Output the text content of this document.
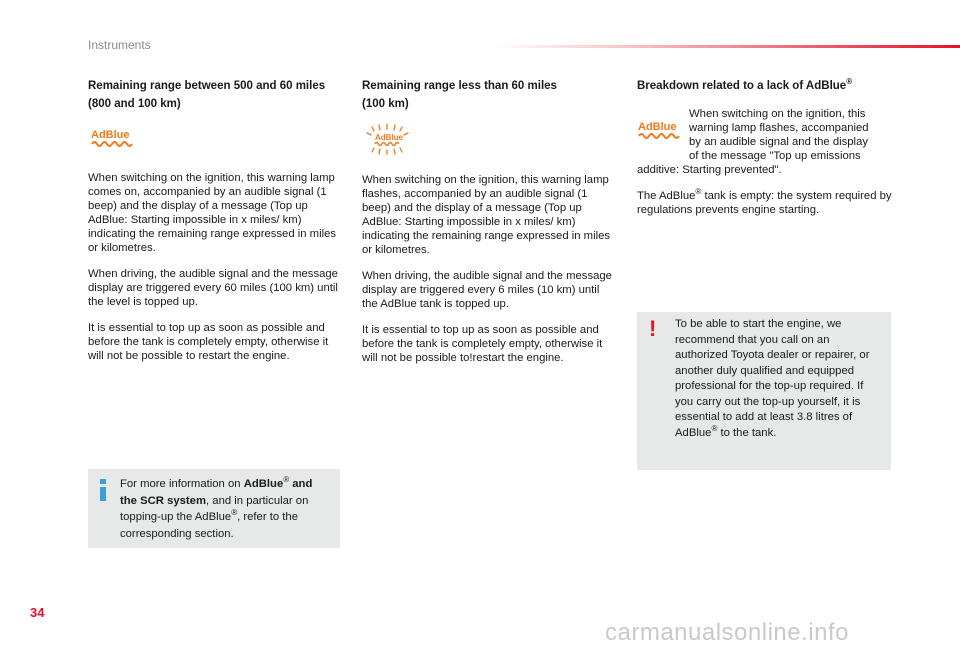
Instruments
Remaining range between 500 and 60 miles
(800 and 100 km)
AdBlue

When switching on the ignition, this warning lamp comes on, accompanied by an audible signal (1 beep) and the display of a message (Top up AdBlue: Starting impossible in x miles/ km) indicating the remaining range expressed in miles or kilometres.

When driving, the audible signal and the message display are triggered every 60 miles (100 km) until the level is topped up.

It is essential to top up as soon as possible and before the tank is completely empty, otherwise it will not be possible to restart the engine.

Remaining range less than 60 miles
(100 km)
AdBlue

When switching on the ignition, this warning lamp flashes, accompanied by an audible signal (1 beep) and the display of a message (Top up AdBlue: Starting impossible in x miles/ km) indicating the remaining range expressed in miles or kilometres.

When driving, the audible signal and the message display are triggered every 6 miles (10 km) until the AdBlue tank is topped up.

It is essential to top up as soon as possible and before the tank is completely empty, otherwise it will not be possible to!restart the engine.

Breakdown related to a lack of AdBlue®
AdBlue

When switching on the ignition, this
warning lamp flashes, accompanied
by an audible signal and the display
of the message "Top up emissions
additive: Starting prevented".

The AdBlue® tank is empty: the system required by regulations prevents engine starting.

For more information on AdBlue® and the SCR system, and in particular on topping-up the AdBlue®, refer to the corresponding section.
! To be able to start the engine, we recommend that you call on an authorized Toyota dealer or repairer, or another duly qualified and equipped professional for the top-up required. If you carry out the top-up yourself, it is essential to add at least 3.8 litres of AdBlue® to the tank.
34
carmanualsonline.info
